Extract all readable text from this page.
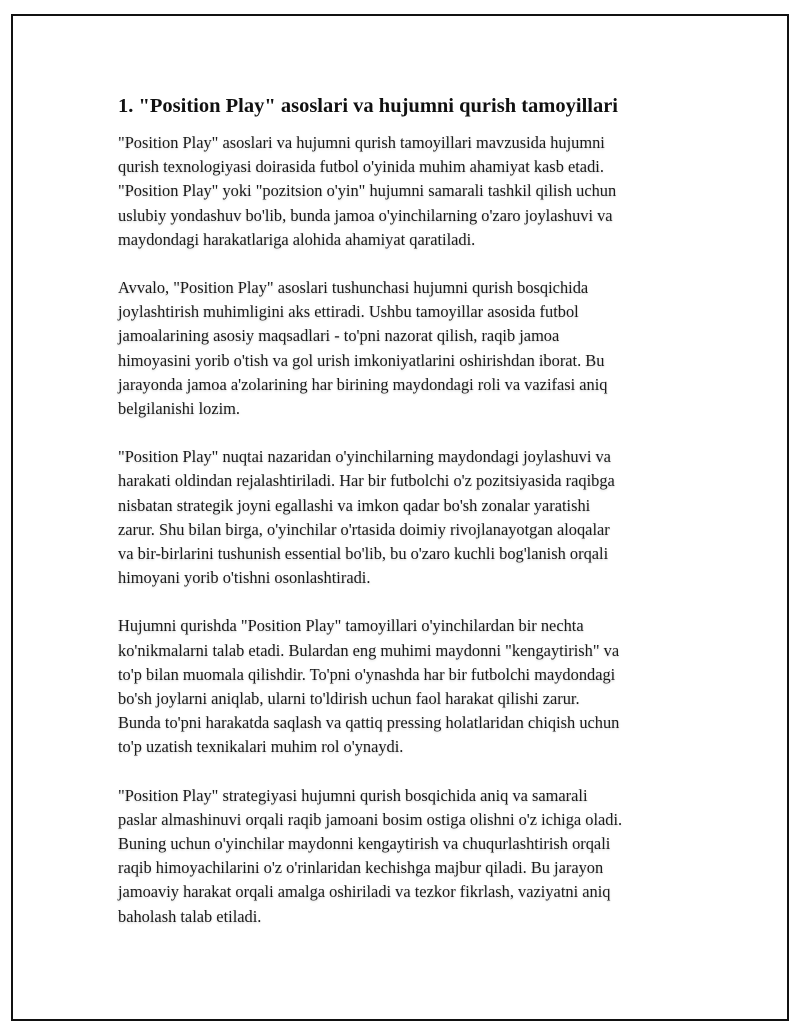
1. "Position Play" asoslari va hujumni qurish tamoyillari

"Position Play" asoslari va hujumni qurish tamoyillari mavzusida hujumni
qurish texnologiyasi doirasida futbol o'yinida muhim ahamiyat kasb etadi.
"Position Play" yoki "pozitsion o'yin" hujumni samarali tashkil qilish uchun
uslubiy yondashuv bo'lib, bunda jamoa o'yinchilarning o'zaro joylashuvi va
maydondagi harakatlariga alohida ahamiyat qaratiladi.

Avvalo, "Position Play" asoslari tushunchasi hujumni qurish bosqichida
joylashtirish muhimligini aks ettiradi. Ushbu tamoyillar asosida futbol
jamoalarining asosiy maqsadlari - to'pni nazorat qilish, raqib jamoa
himoyasini yorib o'tish va gol urish imkoniyatlarini oshirishdan iborat. Bu
jarayonda jamoa a'zolarining har birining maydondagi roli va vazifasi aniq
belgilanishi lozim.

"Position Play" nuqtai nazaridan o'yinchilarning maydondagi joylashuvi va
harakati oldindan rejalashtiriladi. Har bir futbolchi o'z pozitsiyasida raqibga
nisbatan strategik joyni egallashi va imkon qadar bo'sh zonalar yaratishi
zarur. Shu bilan birga, o'yinchilar o'rtasida doimiy rivojlanayotgan aloqalar
va bir-birlarini tushunish essential bo'lib, bu o'zaro kuchli bog'lanish orqali
himoyani yorib o'tishni osonlashtiradi.

Hujumni qurishda "Position Play" tamoyillari o'yinchilardan bir nechta
ko'nikmalarni talab etadi. Bulardan eng muhimi maydonni "kengaytirish" va
to'p bilan muomala qilishdir. To'pni o'ynashda har bir futbolchi maydondagi
bo'sh joylarni aniqlab, ularni to'ldirish uchun faol harakat qilishi zarur.
Bunda to'pni harakatda saqlash va qattiq pressing holatlaridan chiqish uchun
to'p uzatish texnikalari muhim rol o'ynaydi.

"Position Play" strategiyasi hujumni qurish bosqichida aniq va samarali
paslar almashinuvi orqali raqib jamoani bosim ostiga olishni o'z ichiga oladi.
Buning uchun o'yinchilar maydonni kengaytirish va chuqurlashtirish orqali
raqib himoyachilarini o'z o'rinlaridan kechishga majbur qiladi. Bu jarayon
jamoaviy harakat orqali amalga oshiriladi va tezkor fikrlash, vaziyatni aniq
baholash talab etiladi.
